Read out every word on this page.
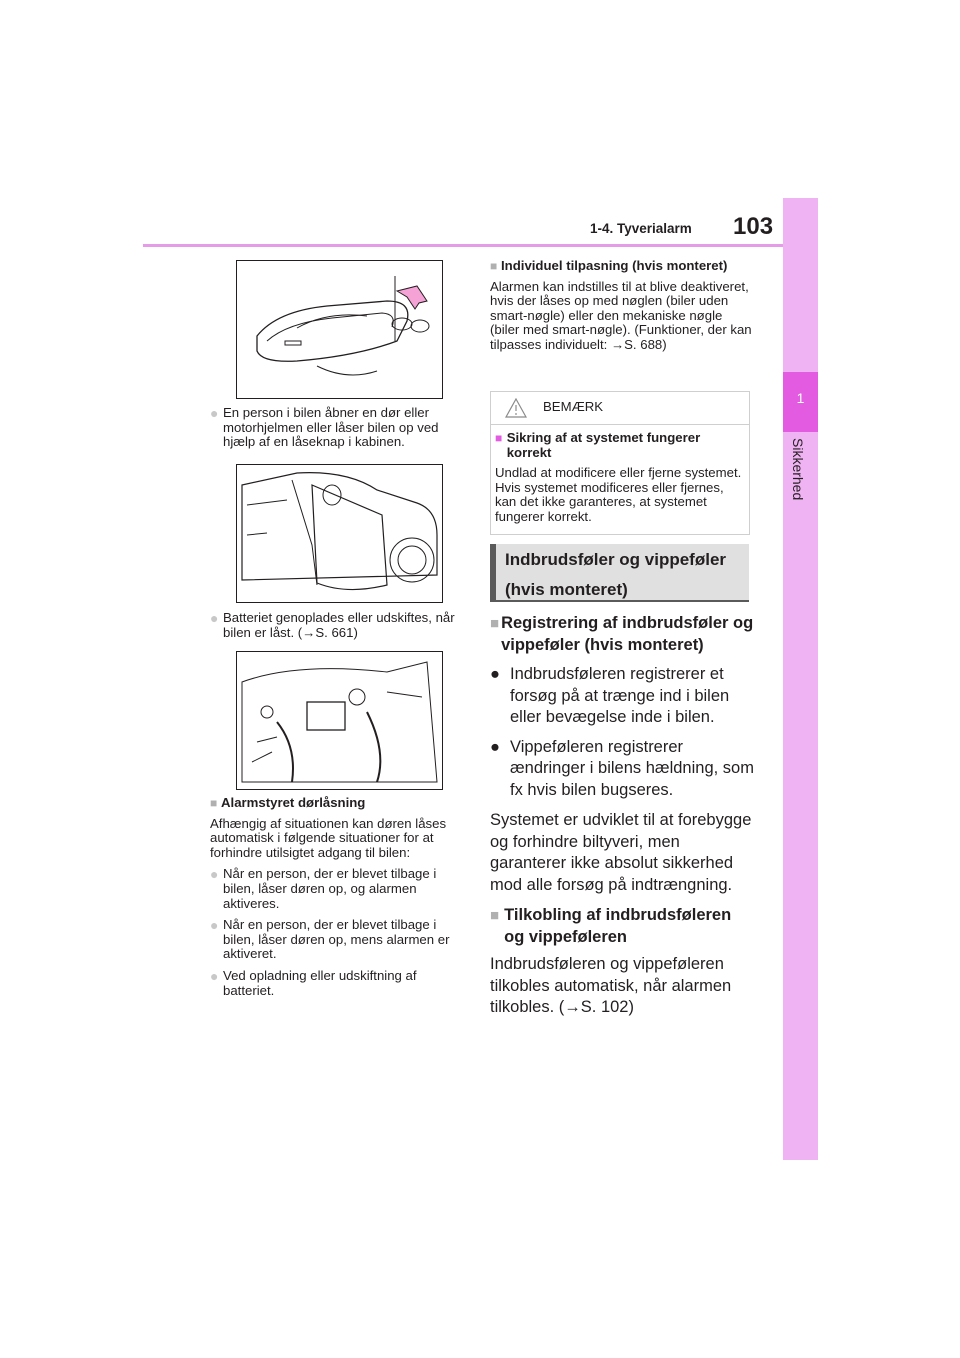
1-4. Tyverialarm 103
1
Sikkerhed
● En person i bilen åbner en dør eller motorhjelmen eller låser bilen op ved hjælp af en låseknap i kabinen.
● Batteriet genoplades eller udskiftes, når bilen er låst. (→S. 661)
■ Alarmstyret dørlåsning
Afhængig af situationen kan døren låses automatisk i følgende situationer for at forhindre utilsigtet adgang til bilen:
● Når en person, der er blevet tilbage i bilen, låser døren op, og alarmen aktiveres.
● Når en person, der er blevet tilbage i bilen, låser døren op, mens alarmen er aktiveret.
● Ved opladning eller udskiftning af batteriet.
■ Individuel tilpasning (hvis monteret)
Alarmen kan indstilles til at blive deaktiveret, hvis der låses op med nøglen (biler uden smart-nøgle) eller den mekaniske nøgle (biler med smart-nøgle). (Funktioner, der kan tilpasses individuelt: →S. 688)
BEMÆRK
■ Sikring af at systemet fungerer korrekt
Undlad at modificere eller fjerne systemet. Hvis systemet modificeres eller fjernes, kan det ikke garanteres, at systemet fungerer korrekt.
Indbrudsføler og vippeføler
(hvis monteret)
■ Registrering af indbrudsføler og vippeføler (hvis monteret)
● Indbrudsføleren registrerer et forsøg på at trænge ind i bilen eller bevægelse inde i bilen.
● Vippeføleren registrerer ændringer i bilens hældning, som fx hvis bilen bugseres.
Systemet er udviklet til at forebygge og forhindre biltyveri, men garanterer ikke absolut sikkerhed mod alle forsøg på indtrængning.
■ Tilkobling af indbrudsføleren og vippeføleren
Indbrudsføleren og vippeføleren tilkobles automatisk, når alarmen tilkobles. (→S. 102)
